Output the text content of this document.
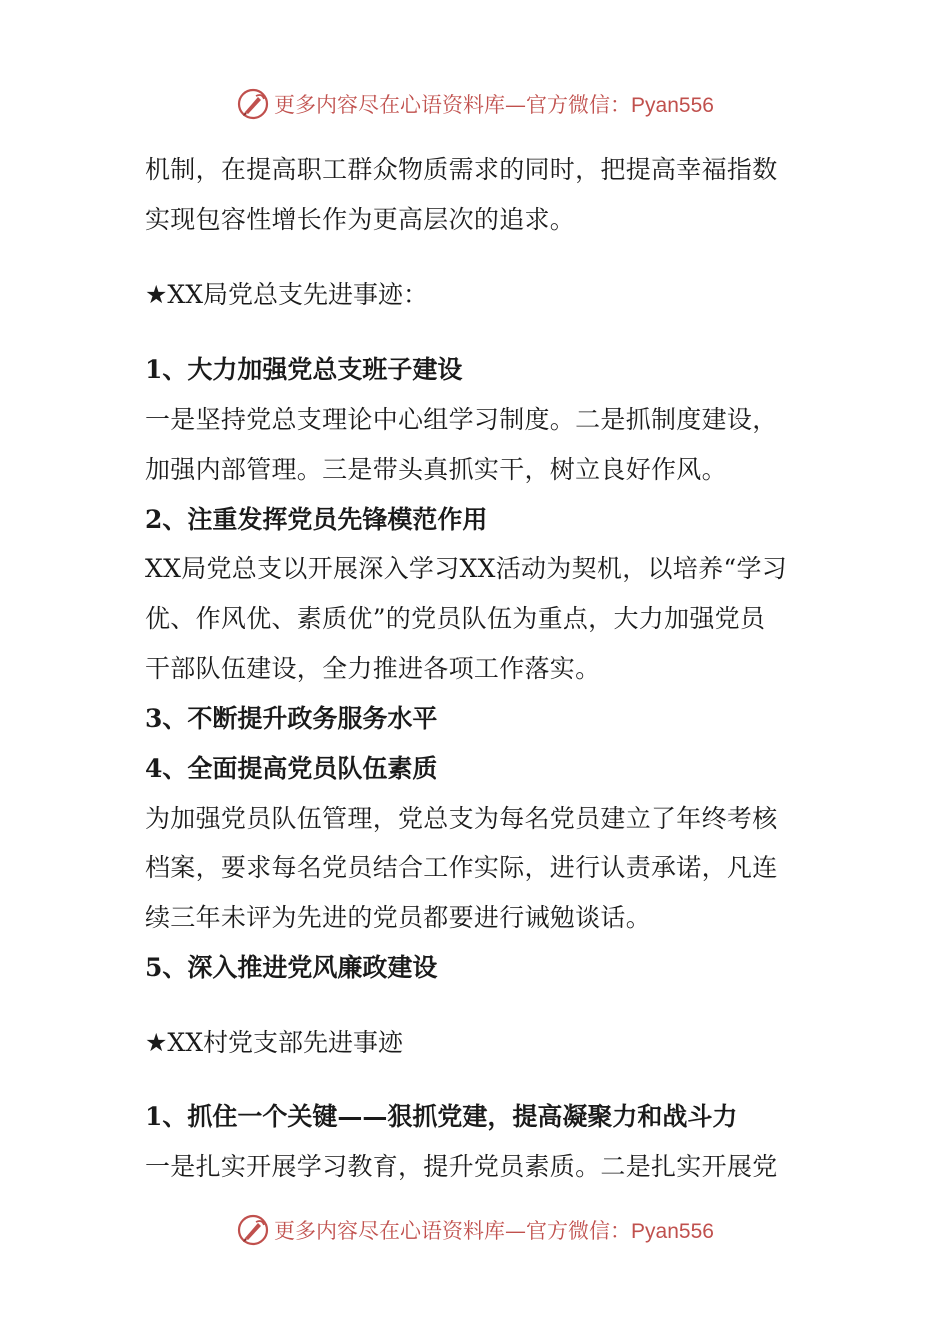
更多内容尽在心语资料库—官方微信：Pyan556
机制，在提高职工群众物质需求的同时，把提高幸福指数
实现包容性增长作为更高层次的追求。
★XX局党总支先进事迹：
1、大力加强党总支班子建设
一是坚持党总支理论中心组学习制度。二是抓制度建设，
加强内部管理。三是带头真抓实干，树立良好作风。
2、注重发挥党员先锋模范作用
XX局党总支以开展深入学习XX活动为契机，以培养“学习
优、作风优、素质优”的党员队伍为重点，大力加强党员
干部队伍建设，全力推进各项工作落实。
3、不断提升政务服务水平
4、全面提高党员队伍素质
为加强党员队伍管理，党总支为每名党员建立了年终考核
档案，要求每名党员结合工作实际，进行认责承诺，凡连
续三年未评为先进的党员都要进行诫勉谈话。
5、深入推进党风廉政建设
★XX村党支部先进事迹
1、抓住一个关键——狠抓党建，提高凝聚力和战斗力
一是扎实开展学习教育，提升党员素质。二是扎实开展党
更多内容尽在心语资料库—官方微信：Pyan556
